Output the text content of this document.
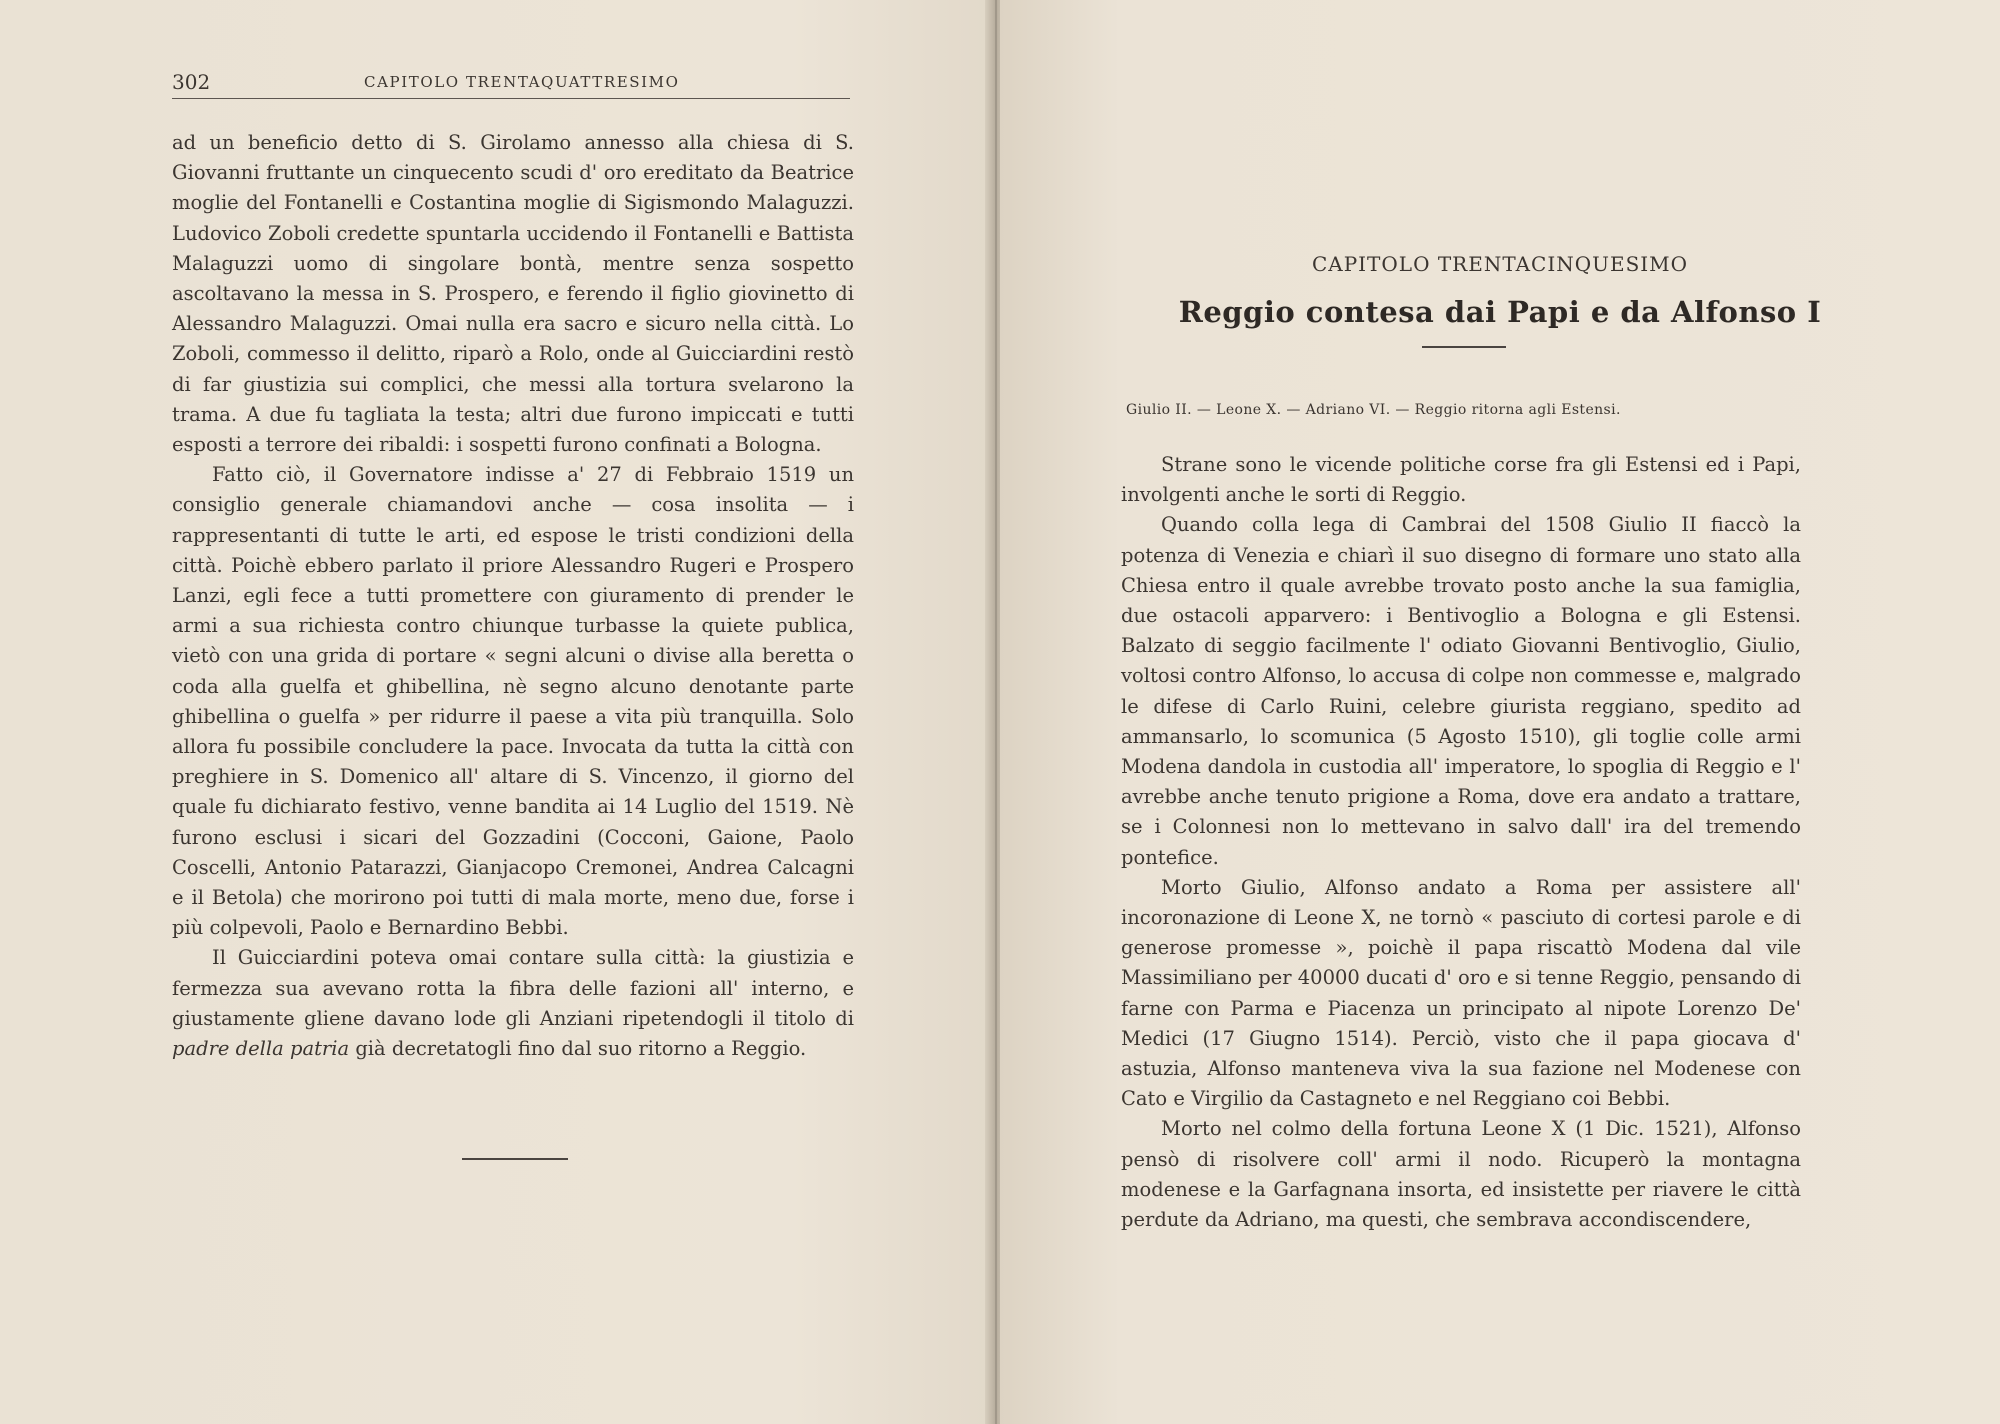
302	CAPITOLO TRENTAQUATTRESIMO

ad un beneficio detto di S. Girolamo annesso alla chiesa di S. Giovanni fruttante un cinquecento scudi d' oro ereditato da Beatrice moglie del Fontanelli e Costantina moglie di Sigismondo Malaguzzi. Ludovico Zoboli credette spuntarla uccidendo il Fontanelli e Battista Malaguzzi uomo di singolare bontà, mentre senza sospetto ascoltavano la messa in S. Prospero, e ferendo il figlio giovinetto di Alessandro Malaguzzi. Omai nulla era sacro e sicuro nella città. Lo Zoboli, commesso il delitto, riparò a Rolo, onde al Guicciardini restò di far giustizia sui complici, che messi alla tortura svelarono la trama. A due fu tagliata la testa; altri due furono impiccati e tutti esposti a terrore dei ribaldi: i sospetti furono confinati a Bologna.

Fatto ciò, il Governatore indisse a' 27 di Febbraio 1519 un consiglio generale chiamandovi anche — cosa insolita — i rappresentanti di tutte le arti, ed espose le tristi condizioni della città. Poichè ebbero parlato il priore Alessandro Rugeri e Prospero Lanzi, egli fece a tutti promettere con giuramento di prender le armi a sua richiesta contro chiunque turbasse la quiete publica, vietò con una grida di portare « segni alcuni o divise alla beretta o coda alla guelfa et ghibellina, nè segno alcuno denotante parte ghibellina o guelfa » per ridurre il paese a vita più tranquilla. Solo allora fu possibile concludere la pace. Invocata da tutta la città con preghiere in S. Domenico all' altare di S. Vincenzo, il giorno del quale fu dichiarato festivo, venne bandita ai 14 Luglio del 1519. Nè furono esclusi i sicari del Gozzadini (Cocconi, Gaione, Paolo Coscelli, Antonio Patarazzi, Gianjacopo Cremonei, Andrea Calcagni e il Betola) che morirono poi tutti di mala morte, meno due, forse i più colpevoli, Paolo e Bernardino Bebbi.

Il Guicciardini poteva omai contare sulla città: la giustizia e fermezza sua avevano rotta la fibra delle fazioni all' interno, e giustamente gliene davano lode gli Anziani ripetendogli il titolo di padre della patria già decretatogli fino dal suo ritorno a Reggio.

CAPITOLO TRENTACINQUESIMO
Reggio contesa dai Papi e da Alfonso I
Giulio II. — Leone X. — Adriano VI. — Reggio ritorna agli Estensi.

Strane sono le vicende politiche corse fra gli Estensi ed i Papi, involgenti anche le sorti di Reggio.

Quando colla lega di Cambrai del 1508 Giulio II fiaccò la potenza di Venezia e chiarì il suo disegno di formare uno stato alla Chiesa entro il quale avrebbe trovato posto anche la sua famiglia, due ostacoli apparvero: i Bentivoglio a Bologna e gli Estensi. Balzato di seggio facilmente l' odiato Giovanni Bentivoglio, Giulio, voltosi contro Alfonso, lo accusa di colpe non commesse e, malgrado le difese di Carlo Ruini, celebre giurista reggiano, spedito ad ammansarlo, lo scomunica (5 Agosto 1510), gli toglie colle armi Modena dandola in custodia all' imperatore, lo spoglia di Reggio e l' avrebbe anche tenuto prigione a Roma, dove era andato a trattare, se i Colonnesi non lo mettevano in salvo dall' ira del tremendo pontefice.

Morto Giulio, Alfonso andato a Roma per assistere all' incoronazione di Leone X, ne tornò « pasciuto di cortesi parole e di generose promesse », poichè il papa riscattò Modena dal vile Massimiliano per 40000 ducati d' oro e si tenne Reggio, pensando di farne con Parma e Piacenza un principato al nipote Lorenzo De' Medici (17 Giugno 1514). Perciò, visto che il papa giocava d' astuzia, Alfonso manteneva viva la sua fazione nel Modenese con Cato e Virgilio da Castagneto e nel Reggiano coi Bebbi.

Morto nel colmo della fortuna Leone X (1 Dic. 1521), Alfonso pensò di risolvere coll' armi il nodo. Ricuperò la montagna modenese e la Garfagnana insorta, ed insistette per riavere le città perdute da Adriano, ma questi, che sembrava accondiscendere,
